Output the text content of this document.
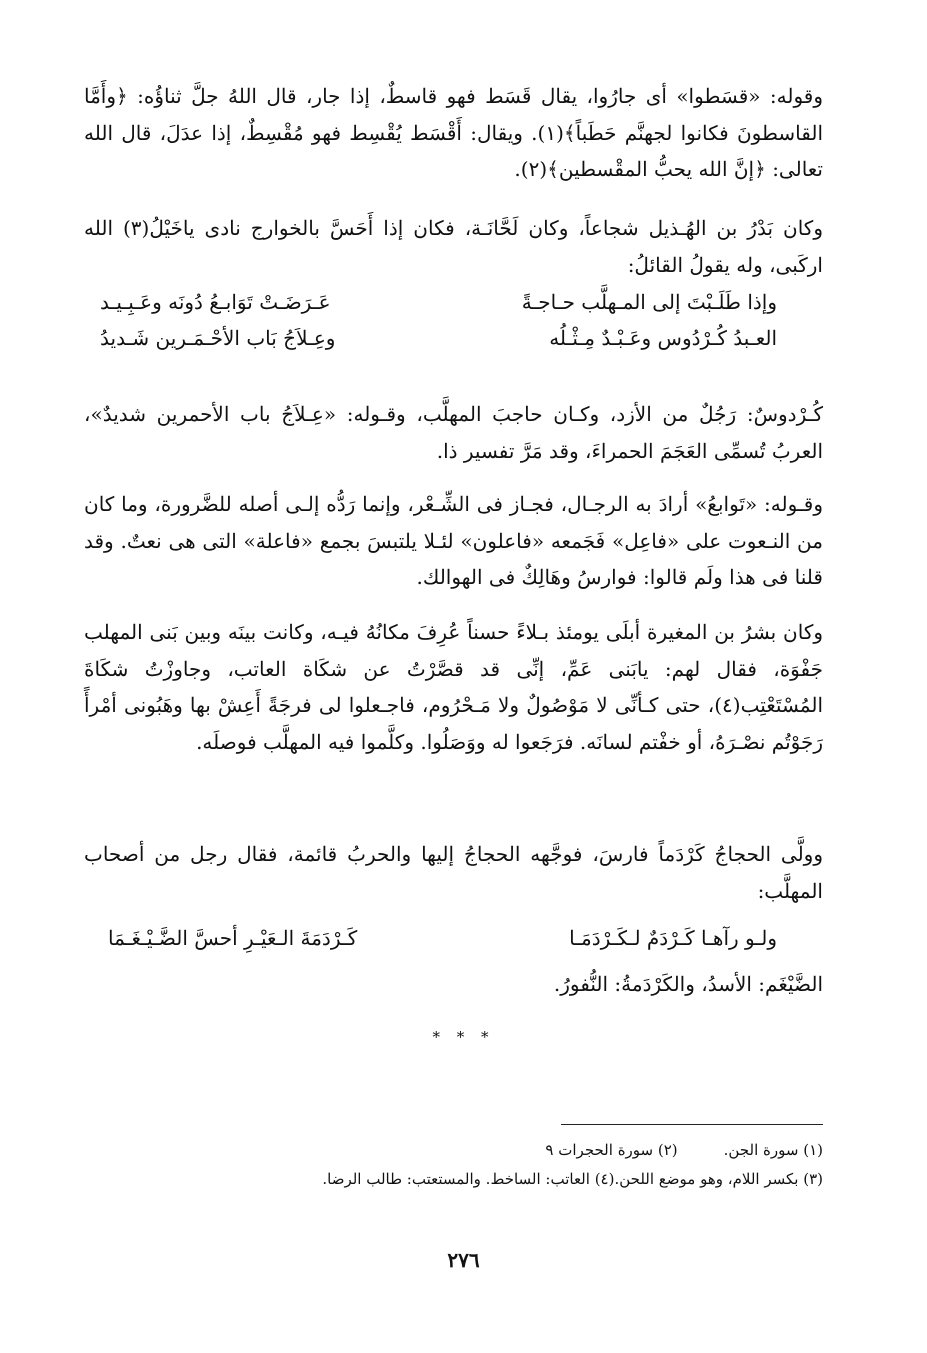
وقوله: «قسَطوا» أى جارُوا، يقال قَسَط فهو قاسطٌ، إذا جار، قال اللهُ جلَّ ثناؤُه: ﴿وأَمَّا القاسطونَ فكانوا لجهنَّم حَطَباً﴾(١). ويقال: أَقْسَط يُقْسِط فهو مُقْسِطٌ، إذا عدَلَ، قال الله تعالى: ﴿إنَّ الله يحبُّ المقْسطين﴾(٢).

وكان بَدْرُ بن الهُـذيل شجاعاً، وكان لَحَّانَـة، فكان إذا أَحَسَّ بالخوارج نادى ياخَيْلُ(٣) الله اركَبى، وله يقولُ القائلُ:

وإذا طَلَـبْتَ إلى المـهلَّب حـاجـةً
عَـرَضَـتْ تَوَابـعُ دُونَه وعَـبِـيـد
العـبدُ كُـرْدُوس وعَـبْـدٌ مِـثْـلُه
وعِـلاَجُ بَاب الأحْـمَـرين شَـديدُ

كُـرْدوسٌ: رَجُلٌ من الأزد، وكـان حاجبَ المهلَّب، وقـوله: «عِـلاَجُ باب الأحمرين شديدٌ»، العربُ تُسمِّى العَجَمَ الحمراءَ، وقد مَرَّ تفسير ذا.

وقـوله: «تَوابعُ» أرادَ به الرجـال، فجـاز فى الشِّـعْر، وإنما رَدُّه إلـى أصله للضَّرورة، وما كان من النـعوت على «فاعِل» فَجَمعه «فاعلون» لئـلا يلتبسَ بجمع «فاعلة» التى هى نعتٌ. وقد قلنا فى هذا ولَم قالوا: فوارسُ وهَالِكٌ فى الهوالك.

وكان بشرُ بن المغيرة أبلَى يومئذ بـلاءً حسناً عُرِفَ مكانُهُ فيـه، وكانت بينَه وبين بَنى المهلب جَفْوَة، فقال لهم: يابَنى عَمِّ، إنِّى قد قصَّرْتُ عن شكَاة العاتب، وجاوزْتُ شكَاةَ المُسْتَعْتِب(٤)، حتى كـأنِّى لا مَوْصُولٌ ولا مَـحْرُوم، فاجـعلوا لى فرجَةً أَعِشْ بها وهَبُونى أمْرأً رَجَوْتُم نصْـرَهُ، أو خفْتم لسانَه. فرَجَعوا له ووَصَلُوا. وكلَّموا فيه المهلَّب فوصلَه.

وولَّى الحجاجُ كَرْدَماً فارسَ، فوجَّهه الحجاجُ إليها والحربُ قائمة، فقال رجل من أصحاب المهلَّب:

ولـو رآهـا كَـرْدَمٌ لـكَـرْدَمَـا
كَـرْدَمَةَ الـعَيْـرِ أحسَّ الضَّـيْـغَـمَا

الضَّيْغَم: الأسدُ، والكَرْدَمةُ: النُّفورُ.

* * *
(١) سورة الجن.
(٢) سورة الحجرات ٩
(٣) بكسر اللام، وهو موضع اللحن.(٤) العاتب: الساخط. والمستعتب: طالب الرضا.
٢٧٦
